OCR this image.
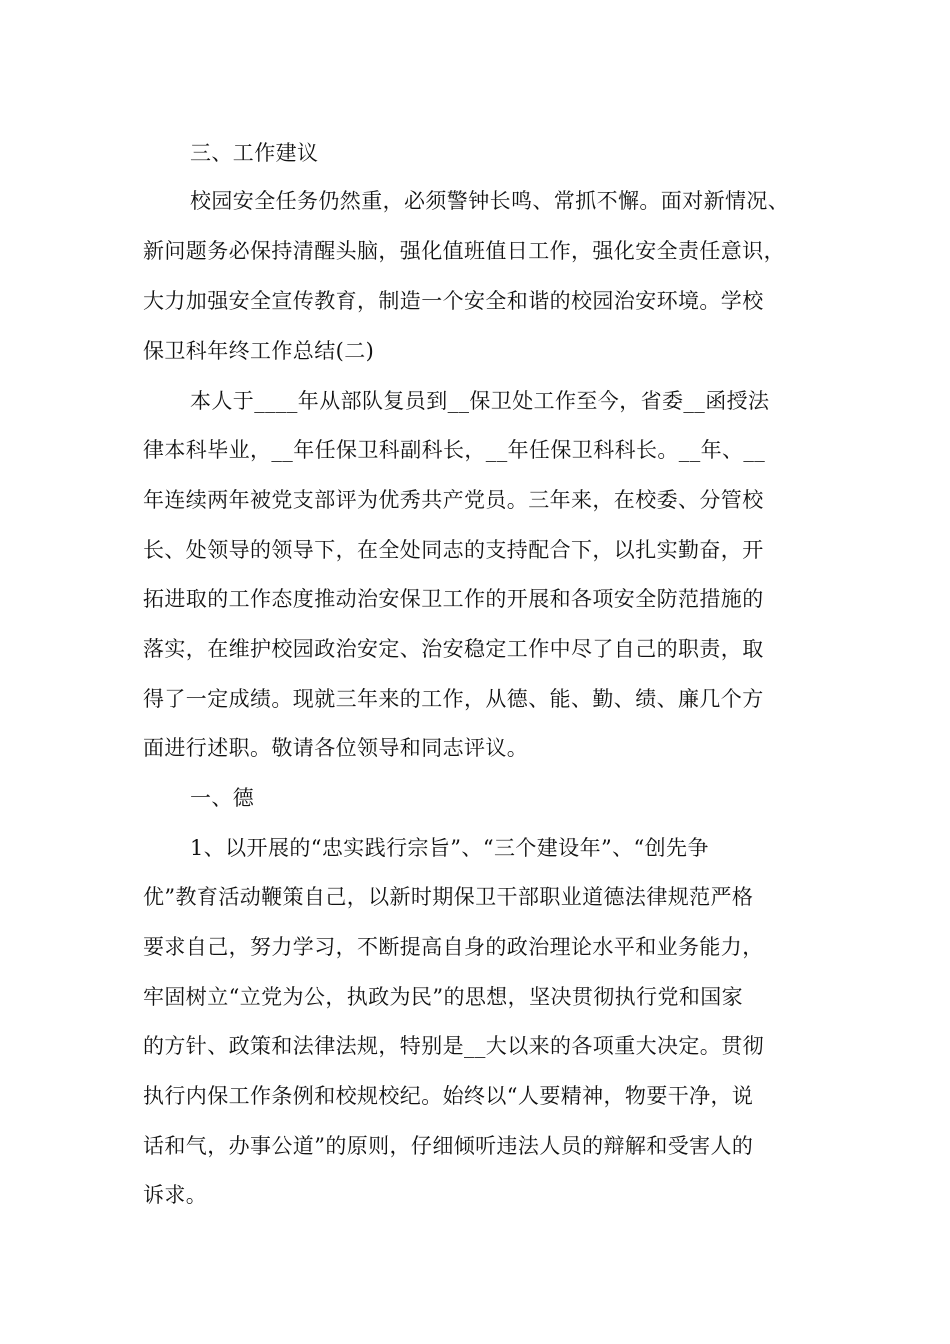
三、工作建议
校园安全任务仍然重，必须警钟长鸣、常抓不懈。面对新情况、
新问题务必保持清醒头脑，强化值班值日工作，强化安全责任意识，
大力加强安全宣传教育，制造一个安全和谐的校园治安环境。学校
保卫科年终工作总结(二)
本人于____年从部队复员到__保卫处工作至今，省委__函授法
律本科毕业，__年任保卫科副科长，__年任保卫科科长。__年、__
年连续两年被党支部评为优秀共产党员。三年来，在校委、分管校
长、处领导的领导下，在全处同志的支持配合下，以扎实勤奋，开
拓进取的工作态度推动治安保卫工作的开展和各项安全防范措施的
落实，在维护校园政治安定、治安稳定工作中尽了自己的职责，取
得了一定成绩。现就三年来的工作，从德、能、勤、绩、廉几个方
面进行述职。敬请各位领导和同志评议。
一、德
1、以开展的“忠实践行宗旨”、“三个建设年”、“创先争
优”教育活动鞭策自己，以新时期保卫干部职业道德法律规范严格
要求自己，努力学习，不断提高自身的政治理论水平和业务能力，
牢固树立“立党为公，执政为民”的思想，坚决贯彻执行党和国家
的方针、政策和法律法规，特别是__大以来的各项重大决定。贯彻
执行内保工作条例和校规校纪。始终以“人要精神，物要干净，说
话和气，办事公道”的原则，仔细倾听违法人员的辩解和受害人的
诉求。
